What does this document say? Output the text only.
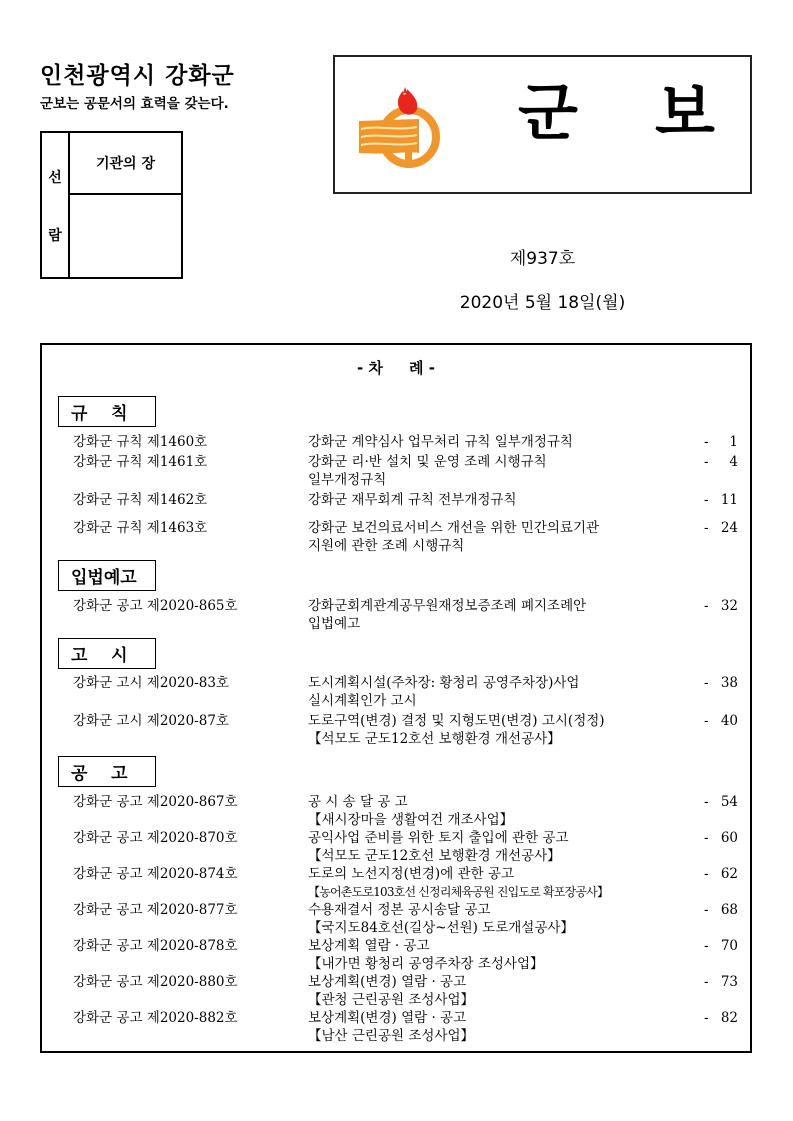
인천광역시 강화군
군보는 공문서의 효력을 갖는다.
선
람
기관의 장
군 보
제937호
2020년 5월 18일(월)
- 차     례 -
규    칙
강화군 규칙 제1460호	강화군 계약심사 업무처리 규칙 일부개정규칙	- 1
강화군 규칙 제1461호	강화군 리·반 설치 및 운영 조례 시행규칙	- 4
일부개정규칙
강화군 규칙 제1462호	강화군 재무회계 규칙 전부개정규칙	- 11
강화군 규칙 제1463호	강화군 보건의료서비스 개선을 위한 민간의료기관	- 24
지원에 관한 조례 시행규칙
입법예고
강화군 공고 제2020-865호	강화군회계관계공무원재정보증조례 폐지조례안	- 32
입법예고
고    시
강화군 고시 제2020-83호	도시계획시설(주차장: 황청리 공영주차장)사업	- 38
실시계획인가 고시
강화군 고시 제2020-87호	도로구역(변경) 결정 및 지형도면(변경) 고시(정정)	- 40
【석모도 군도12호선 보행환경 개선공사】
공    고
강화군 공고 제2020-867호	공 시 송 달 공 고	- 54
【새시장마을 생활여건 개조사업】
강화군 공고 제2020-870호	공익사업 준비를 위한 토지 출입에 관한 공고	- 60
【석모도 군도12호선 보행환경 개선공사】
강화군 공고 제2020-874호	도로의 노선지정(변경)에 관한 공고	- 62
【농어촌도로103호선 신정리체육공원 진입도로 확포장공사】
강화군 공고 제2020-877호	수용재결서 정본 공시송달 공고	- 68
【국지도84호선(길상~선원) 도로개설공사】
강화군 공고 제2020-878호	보상계획 열람 · 공고	- 70
【내가면 황청리 공영주차장 조성사업】
강화군 공고 제2020-880호	보상계획(변경) 열람 · 공고	- 73
【관청 근린공원 조성사업】
강화군 공고 제2020-882호	보상계획(변경) 열람 · 공고	- 82
【남산 근린공원 조성사업】
